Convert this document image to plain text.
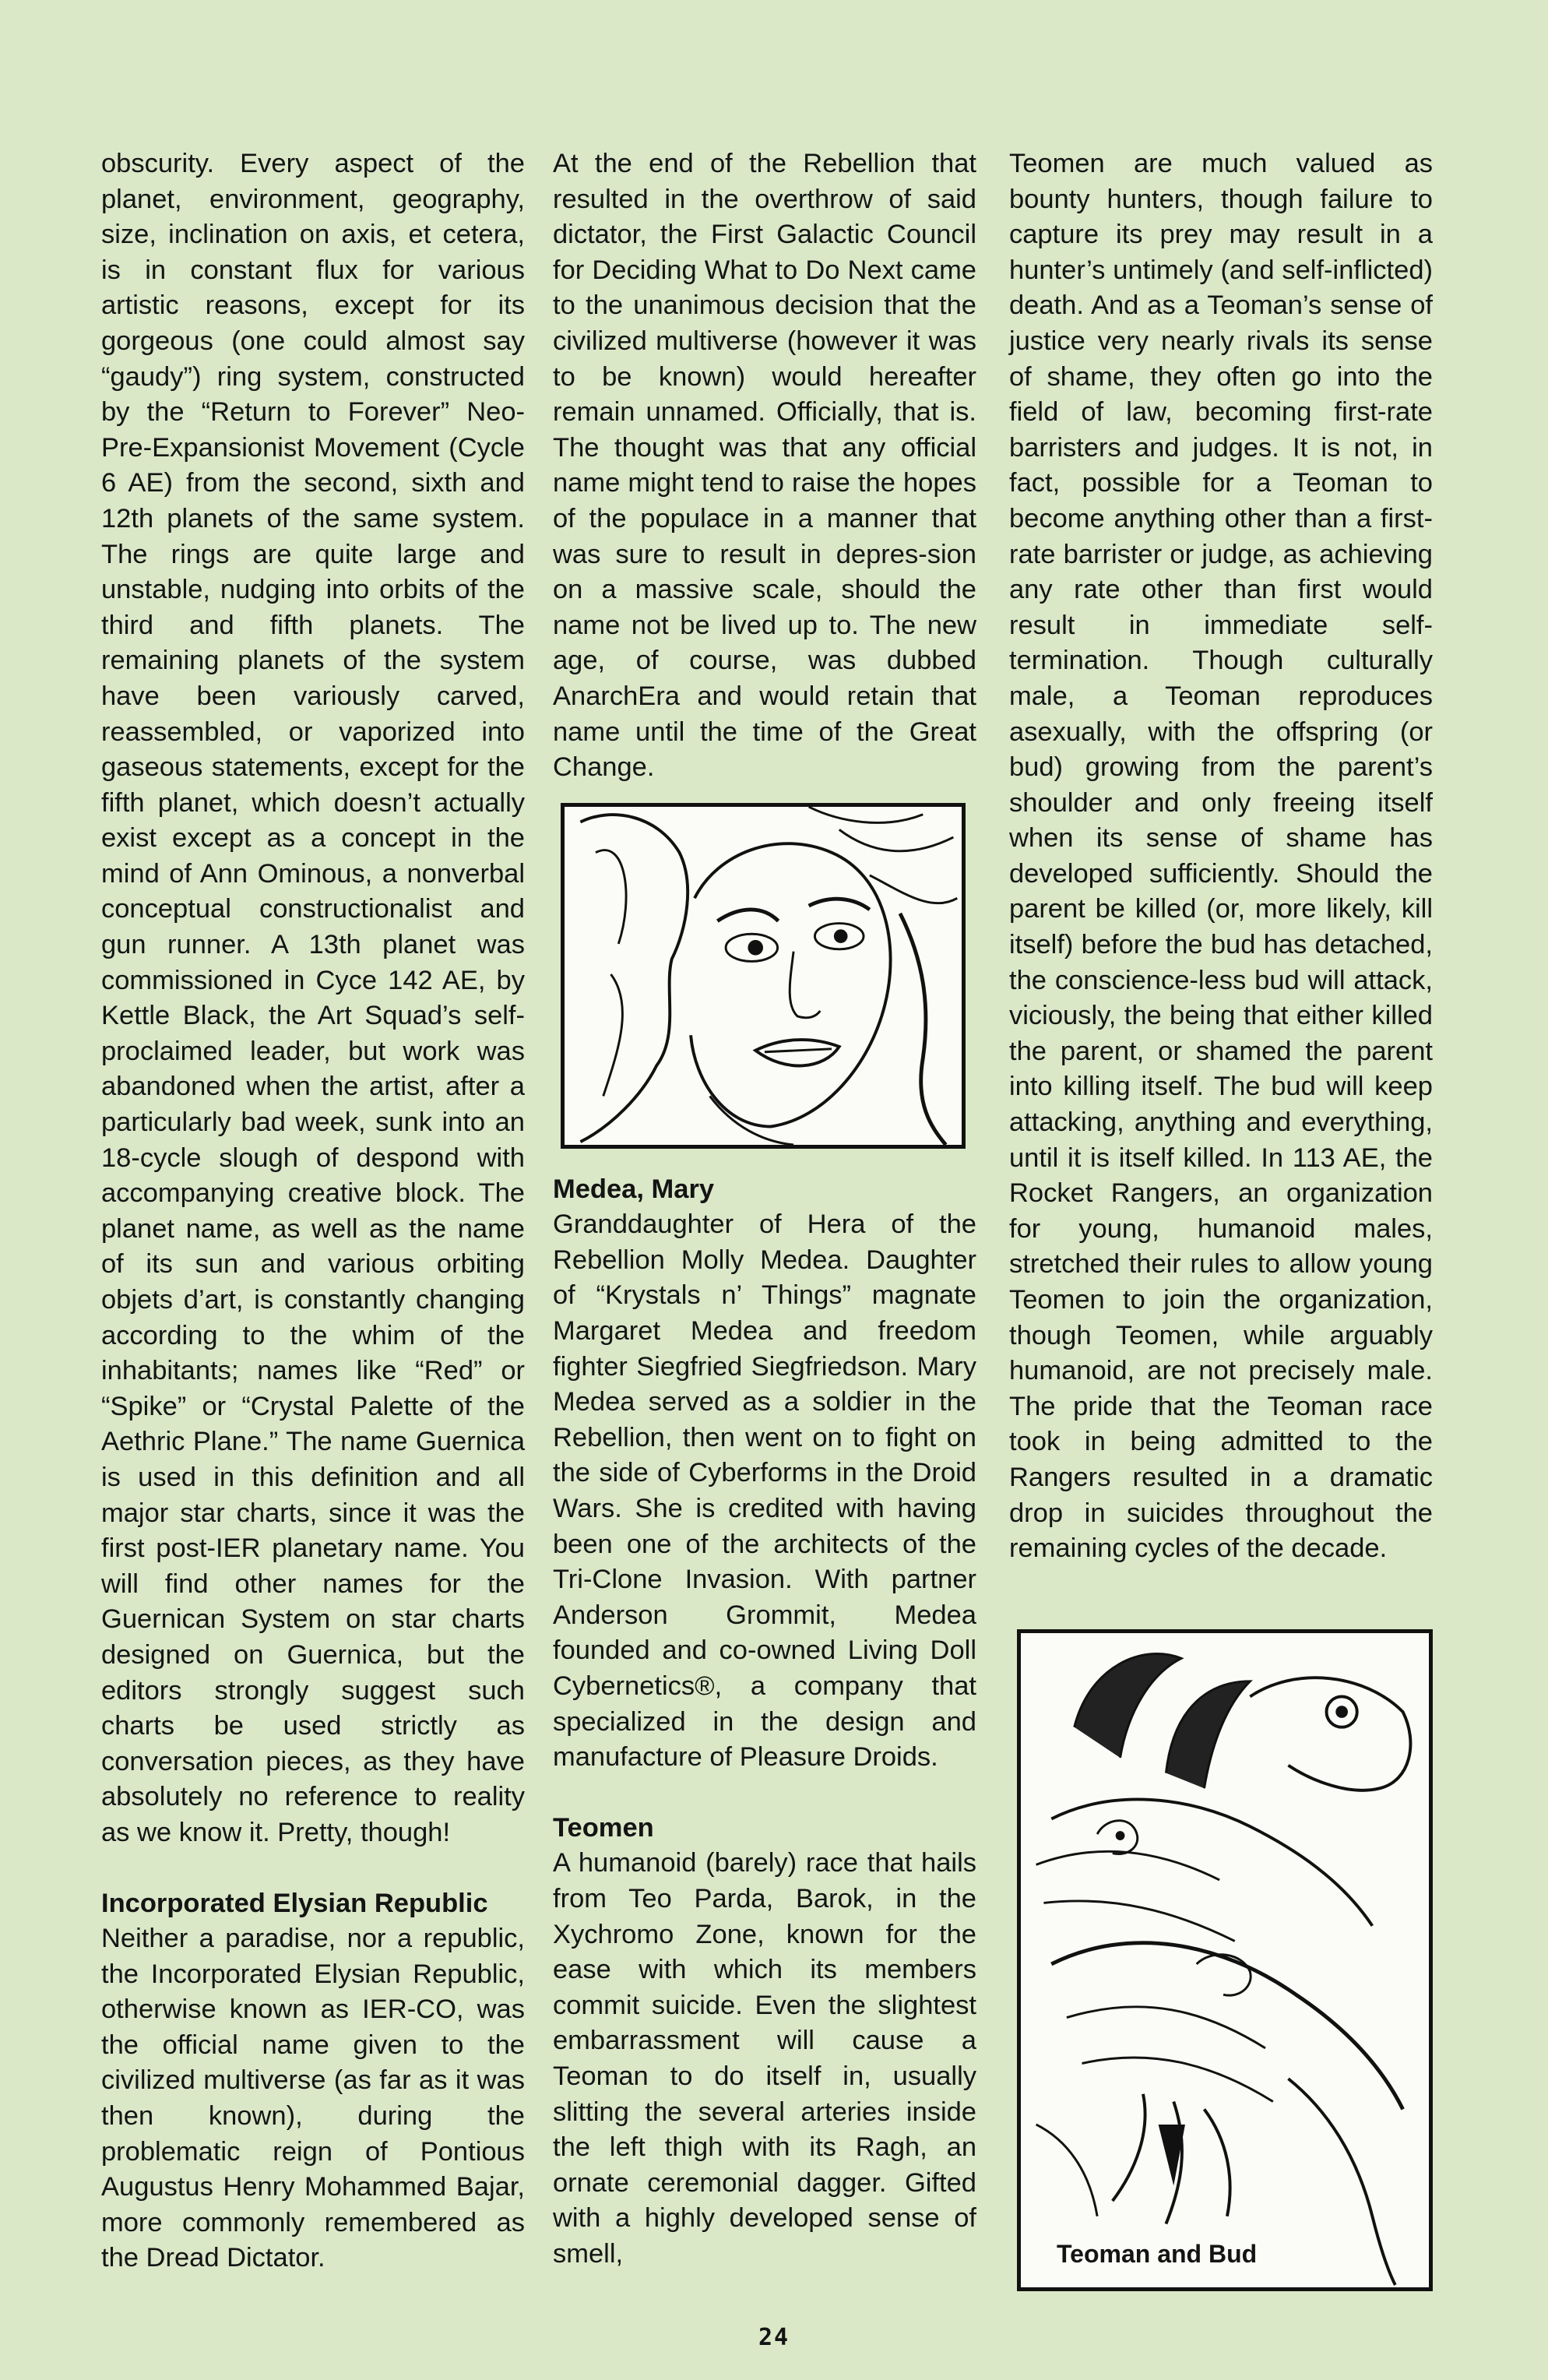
obscurity. Every aspect of the planet, environment, geography, size, inclination on axis, et cetera, is in constant flux for various artistic reasons, except for its gorgeous (one could almost say “gaudy”) ring system, constructed by the “Return to Forever” Neo-Pre-Expansionist Movement (Cycle 6 AE) from the second, sixth and 12th planets of the same system. The rings are quite large and unstable, nudging into orbits of the third and fifth planets. The remaining planets of the system have been variously carved, reassembled, or vaporized into gaseous statements, except for the fifth planet, which doesn’t actually exist except as a concept in the mind of Ann Ominous, a nonverbal conceptual constructionalist and gun runner. A 13th planet was commissioned in Cyce 142 AE, by Kettle Black, the Art Squad’s self-proclaimed leader, but work was abandoned when the artist, after a particularly bad week, sunk into an 18-cycle slough of despond with accompanying creative block. The planet name, as well as the name of its sun and various orbiting objets d’art, is constantly changing according to the whim of the inhabitants; names like “Red” or “Spike” or “Crystal Palette of the Aethric Plane.” The name Guernica is used in this definition and all major star charts, since it was the first post-IER planetary name. You will find other names for the Guernican System on star charts designed on Guernica, but the editors strongly suggest such charts be used strictly as conversation pieces, as they have absolutely no reference to reality as we know it. Pretty, though!

Incorporated Elysian Republic

Neither a paradise, nor a republic, the Incorporated Elysian Republic, otherwise known as IER-CO, was the official name given to the civilized multiverse (as far as it was then known), during the problematic reign of Pontious Augustus Henry Mohammed Bajar, more commonly remembered as the Dread Dictator.

At the end of the Rebellion that resulted in the overthrow of said dictator, the First Galactic Council for Deciding What to Do Next came to the unanimous decision that the civilized multiverse (however it was to be known) would hereafter remain unnamed. Officially, that is. The thought was that any official name might tend to raise the hopes of the populace in a manner that was sure to result in depres-sion on a massive scale, should the name not be lived up to. The new age, of course, was dubbed AnarchEra and would retain that name until the time of the Great Change.

Medea, Mary

Granddaughter of Hera of the Rebellion Molly Medea. Daughter of “Krystals n’ Things” magnate Margaret Medea and freedom fighter Siegfried Siegfriedson. Mary Medea served as a soldier in the Rebellion, then went on to fight on the side of Cyberforms in the Droid Wars. She is credited with having been one of the architects of the Tri-Clone Invasion. With partner Anderson Grommit, Medea founded and co-owned Living Doll Cybernetics®, a company that specialized in the design and manufacture of Pleasure Droids.

Teomen

A humanoid (barely) race that hails from Teo Parda, Barok, in the Xychromo Zone, known for the ease with which its members commit suicide. Even the slightest embarrassment will cause a Teoman to do itself in, usually slitting the several arteries inside the left thigh with its Ragh, an ornate ceremonial dagger. Gifted with a highly developed sense of smell,

Teomen are much valued as bounty hunters, though failure to capture its prey may result in a hunter’s untimely (and self-inflicted) death. And as a Teoman’s sense of justice very nearly rivals its sense of shame, they often go into the field of law, becoming first-rate barristers and judges. It is not, in fact, possible for a Teoman to become anything other than a first-rate barrister or judge, as achieving any rate other than first would result in immediate self-termination. Though culturally male, a Teoman reproduces asexually, with the offspring (or bud) growing from the parent’s shoulder and only freeing itself when its sense of shame has developed sufficiently. Should the parent be killed (or, more likely, kill itself) before the bud has detached, the conscience-less bud will attack, viciously, the being that either killed the parent, or shamed the parent into killing itself. The bud will keep attacking, anything and everything, until it is itself killed. In 113 AE, the Rocket Rangers, an organization for young, humanoid males, stretched their rules to allow young Teomen to join the organization, though Teomen, while arguably humanoid, are not precisely male. The pride that the Teoman race took in being admitted to the Rangers resulted in a dramatic drop in suicides throughout the remaining cycles of the decade.

Teoman and Bud
24
